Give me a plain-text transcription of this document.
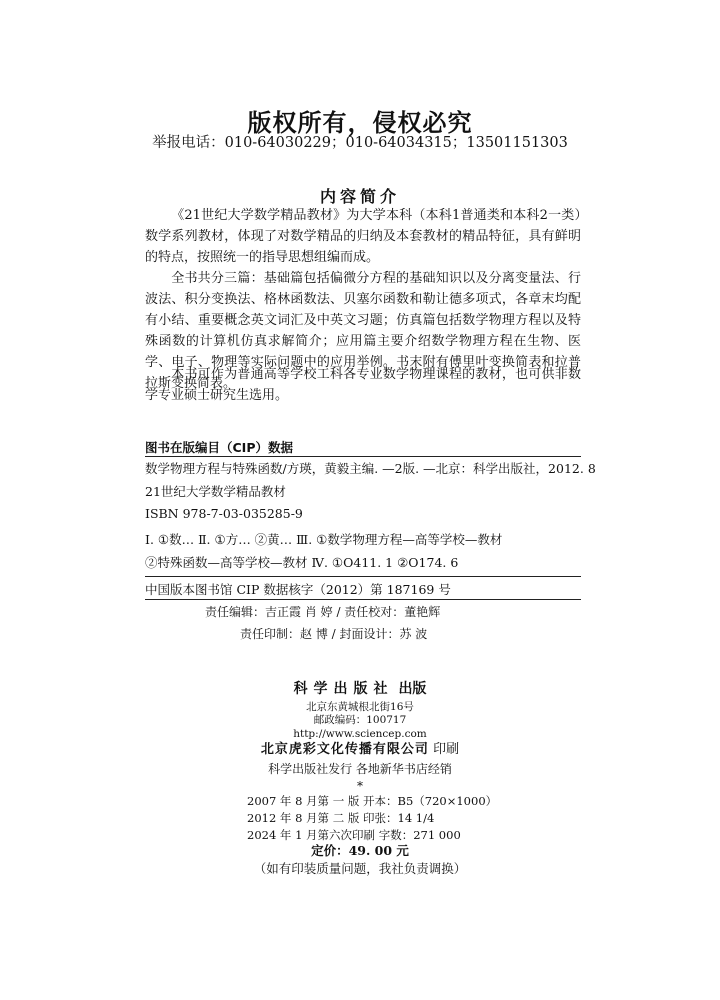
版权所有，侵权必究
举报电话：010-64030229；010-64034315；13501151303
内容简介

《21世纪大学数学精品教材》为大学本科（本科1普通类和本科2一类）数学系列教材，体现了对数学精品的归纳及本套教材的精品特征，具有鲜明的特点，按照统一的指导思想组编而成。

全书共分三篇：基础篇包括偏微分方程的基础知识以及分离变量法、行波法、积分变换法、格林函数法、贝塞尔函数和勒让德多项式，各章末均配有小结、重要概念英文词汇及中英文习题；仿真篇包括数学物理方程以及特殊函数的计算机仿真求解简介；应用篇主要介绍数学物理方程在生物、医学、电子、物理等实际问题中的应用举例。书末附有傅里叶变换简表和拉普拉斯变换简表。

本书可作为普通高等学校工科各专业数学物理课程的教材，也可供非数学专业硕士研究生选用。

图书在版编目（CIP）数据
数学物理方程与特殊函数/方瑛，黄毅主编. —2版. —北京：科学出版社，2012. 8
21世纪大学数学精品教材
ISBN 978-7-03-035285-9
Ⅰ. ①数… Ⅱ. ①方… ②黄… Ⅲ. ①数学物理方程—高等学校—教材
②特殊函数—高等学校—教材 Ⅳ. ①O411. 1 ②O174. 6
中国版本图书馆 CIP 数据核字（2012）第 187169 号
责任编辑：吉正霞 肖 婷 / 责任校对：董艳辉
责任印制：赵 博 / 封面设计：苏 波
科学出版社 出版
北京东黄城根北街16号
邮政编码：100717
http://www.sciencep.com
北京虎彩文化传播有限公司 印刷
科学出版社发行 各地新华书店经销
*
2007 年 8 月第 一 版 开本：B5（720×1000）
2012 年 8 月第 二 版 印张：14 1/4
2024 年 1 月第六次印刷 字数：271 000
定价：49. 00 元
（如有印装质量问题，我社负责调换）
